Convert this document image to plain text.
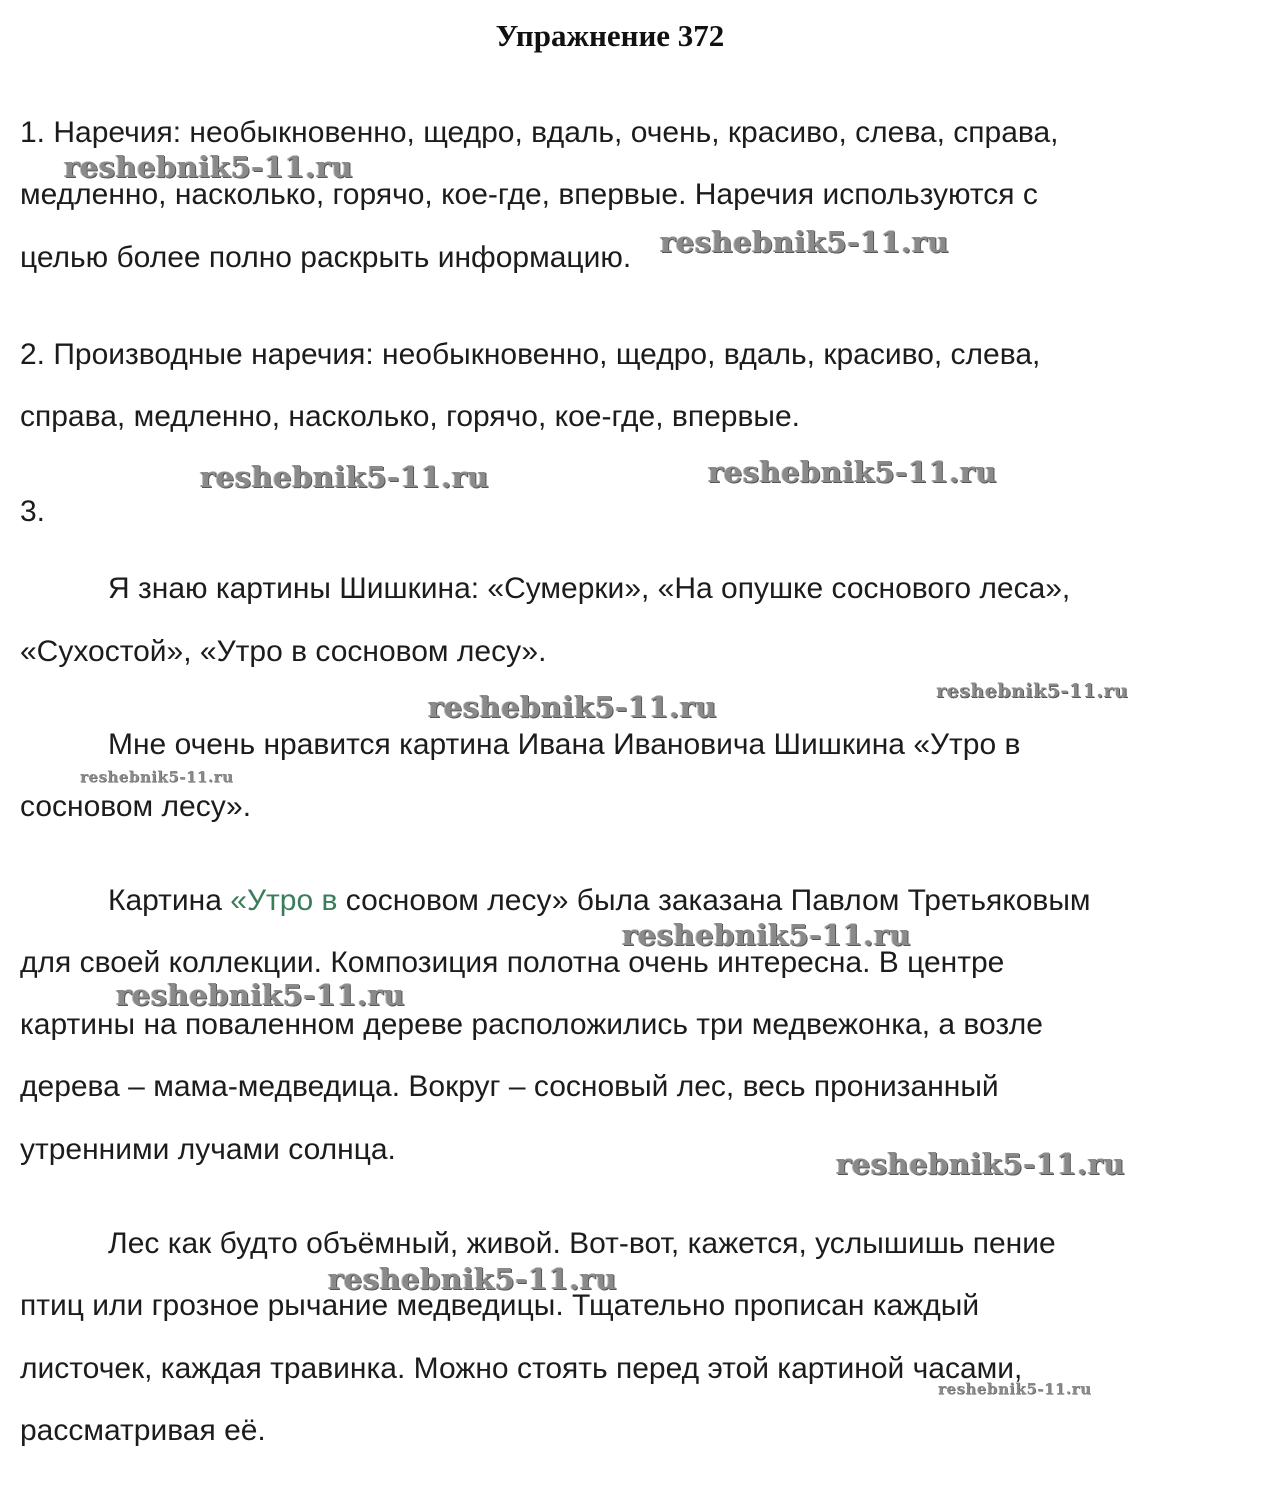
Упражнение 372
1. Наречия: необыкновенно, щедро, вдаль, очень, красиво, слева, справа,
медленно, насколько, горячо, кое-где, впервые. Наречия используются с
целью более полно раскрыть информацию.
2. Производные наречия: необыкновенно, щедро, вдаль, красиво, слева,
справа, медленно, насколько, горячо, кое-где, впервые.
3.
Я знаю картины Шишкина: «Сумерки», «На опушке соснового леса»,
«Сухостой», «Утро в сосновом лесу».
Мне очень нравится картина Ивана Ивановича Шишкина «Утро в
сосновом лесу».
Картина «Утро в сосновом лесу» была заказана Павлом Третьяковым
для своей коллекции. Композиция полотна очень интересна. В центре
картины на поваленном дереве расположились три медвежонка, а возле
дерева – мама-медведица. Вокруг – сосновый лес, весь пронизанный
утренними лучами солнца.
Лес как будто объёмный, живой. Вот-вот, кажется, услышишь пение
птиц или грозное рычание медведицы. Тщательно прописан каждый
листочек, каждая травинка. Можно стоять перед этой картиной часами,
рассматривая её.
reshebnik5-11.ru
reshebnik5-11.ru
reshebnik5-11.ru	reshebnik5-11.ru
reshebnik5-11.ru	reshebnik5-11.ru
reshebnik5-11.ru
reshebnik5-11.ru
reshebnik5-11.ru
reshebnik5-11.ru
reshebnik5-11.ru
reshebnik5-11.ru
